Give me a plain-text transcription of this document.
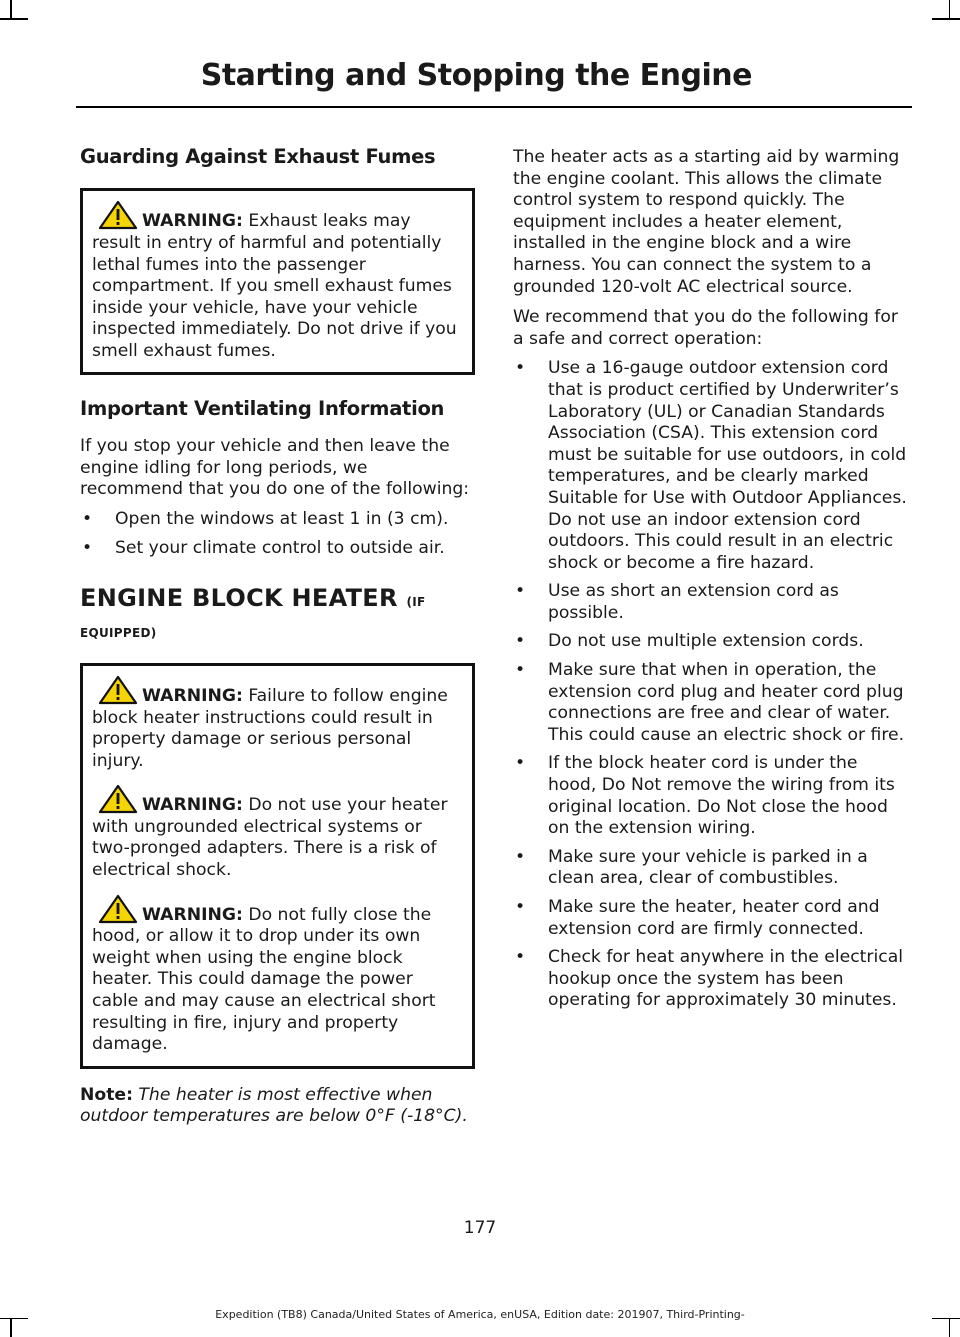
Starting and Stopping the Engine
Guarding Against Exhaust Fumes

WARNING: Exhaust leaks may result in entry of harmful and potentially lethal fumes into the passenger compartment. If you smell exhaust fumes inside your vehicle, have your vehicle inspected immediately. Do not drive if you smell exhaust fumes.

Important Ventilating Information

If you stop your vehicle and then leave the engine idling for long periods, we recommend that you do one of the following:

• Open the windows at least 1 in (3 cm).
• Set your climate control to outside air.
ENGINE BLOCK HEATER (IF

EQUIPPED)

WARNING: Failure to follow engine block heater instructions could result in property damage or serious personal injury.

WARNING: Do not use your heater with ungrounded electrical systems or two-pronged adapters. There is a risk of electrical shock.

WARNING: Do not fully close the hood, or allow it to drop under its own weight when using the engine block heater. This could damage the power cable and may cause an electrical short resulting in fire, injury and property damage.

Note: The heater is most effective when outdoor temperatures are below 0°F (-18°C).

The heater acts as a starting aid by warming the engine coolant. This allows the climate control system to respond quickly. The equipment includes a heater element, installed in the engine block and a wire harness. You can connect the system to a grounded 120-volt AC electrical source.

We recommend that you do the following for a safe and correct operation:

• Use a 16-gauge outdoor extension cord that is product certified by Underwriter’s Laboratory (UL) or Canadian Standards Association (CSA). This extension cord must be suitable for use outdoors, in cold temperatures, and be clearly marked Suitable for Use with Outdoor Appliances. Do not use an indoor extension cord outdoors. This could result in an electric shock or become a fire hazard.
• Use as short an extension cord as possible.
• Do not use multiple extension cords.
• Make sure that when in operation, the extension cord plug and heater cord plug connections are free and clear of water. This could cause an electric shock or fire.
• If the block heater cord is under the hood, Do Not remove the wiring from its original location. Do Not close the hood on the extension wiring.
• Make sure your vehicle is parked in a clean area, clear of combustibles.
• Make sure the heater, heater cord and extension cord are firmly connected.
• Check for heat anywhere in the electrical hookup once the system has been operating for approximately 30 minutes.
177
Expedition (TB8) Canada/United States of America, enUSA, Edition date: 201907, Third-Printing-
